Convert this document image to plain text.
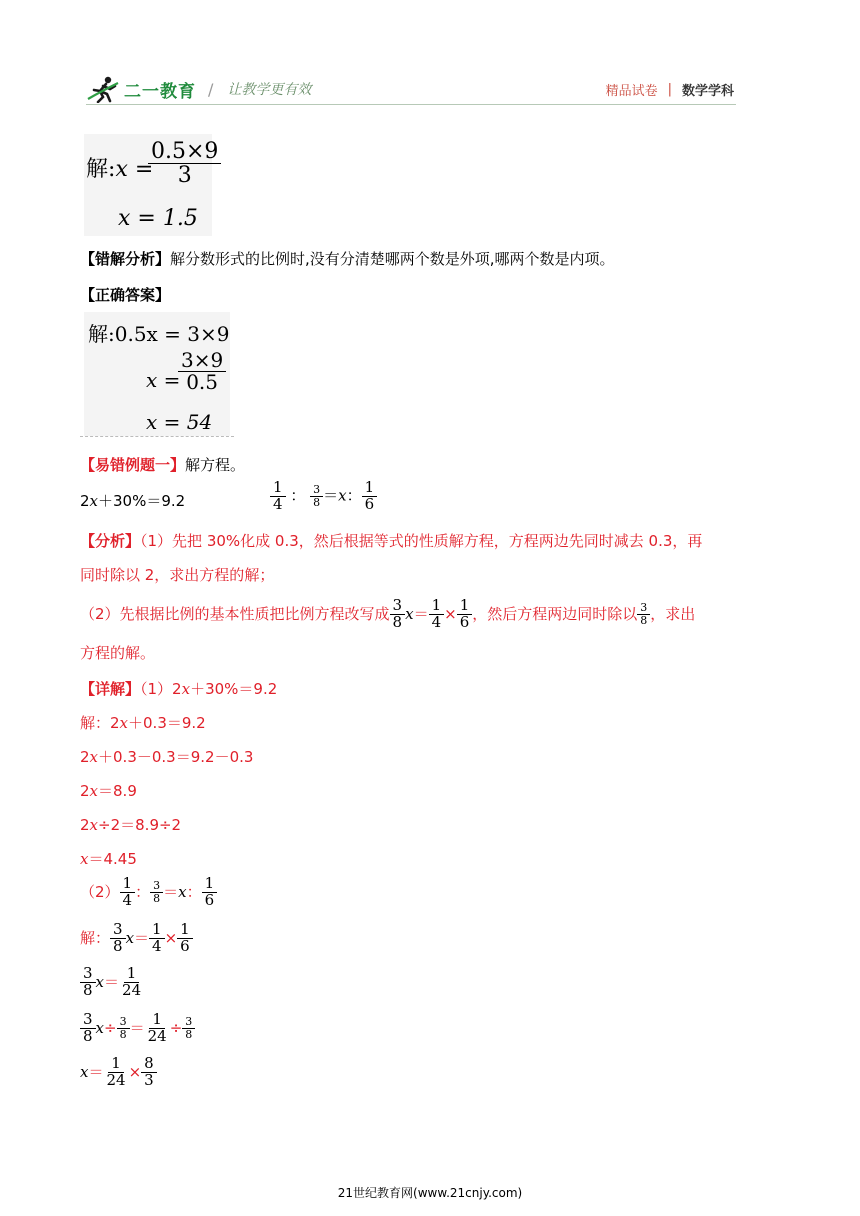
二一教育 / 让教学更有效	精品试卷 | 数学学科
解:x =
$\frac{0.5\times 9}{3}$
x = 1.5
【错解分析】解分数形式的比例时,没有分清楚哪两个数是外项,哪两个数是内项。
【正确答案】
解:0.5x = 3×9
x =
$\frac{3\times 9}{0.5}$
x = 54
【易错例题一】解方程。
2x＋30%＝9.2	$\frac{1}{4}$ ： $\frac{3}{8} =x$： $\frac{1}{6}$
【分析】（1）先把 30%化成 0.3，然后根据等式的性质解方程，方程两边先同时减去 0.3，再
同时除以 2，求出方程的解；
（2）先根据比例的基本性质把比例方程改写成 $\frac{3}{8} x= \frac{1}{4} \times \frac{1}{6}$ ，然后方程两边同时除以 $\frac{3}{8}$ ，求出
方程的解。
【详解】（1）2x＋30%＝9.2
解：2x＋0.3＝9.2
2x＋0.3－0.3＝9.2－0.3
2x＝8.9
2x÷2＝8.9÷2
x＝4.45
$(2) \frac{1}{4}$ ： $\frac{3}{8} =x$： $\frac{1}{6}$
解： $\frac{3}{8} x= \frac{1}{4} \times \frac{1}{6}$
$\frac{3}{8} x= \frac{1}{24}$
$\frac{3}{8} x\div \frac{3}{8} = \frac{1}{24} \div \frac{3}{8}$
$x= \frac{1}{24} \times \frac{8}{3}$
21世纪教育网(www.21cnjy.com)
